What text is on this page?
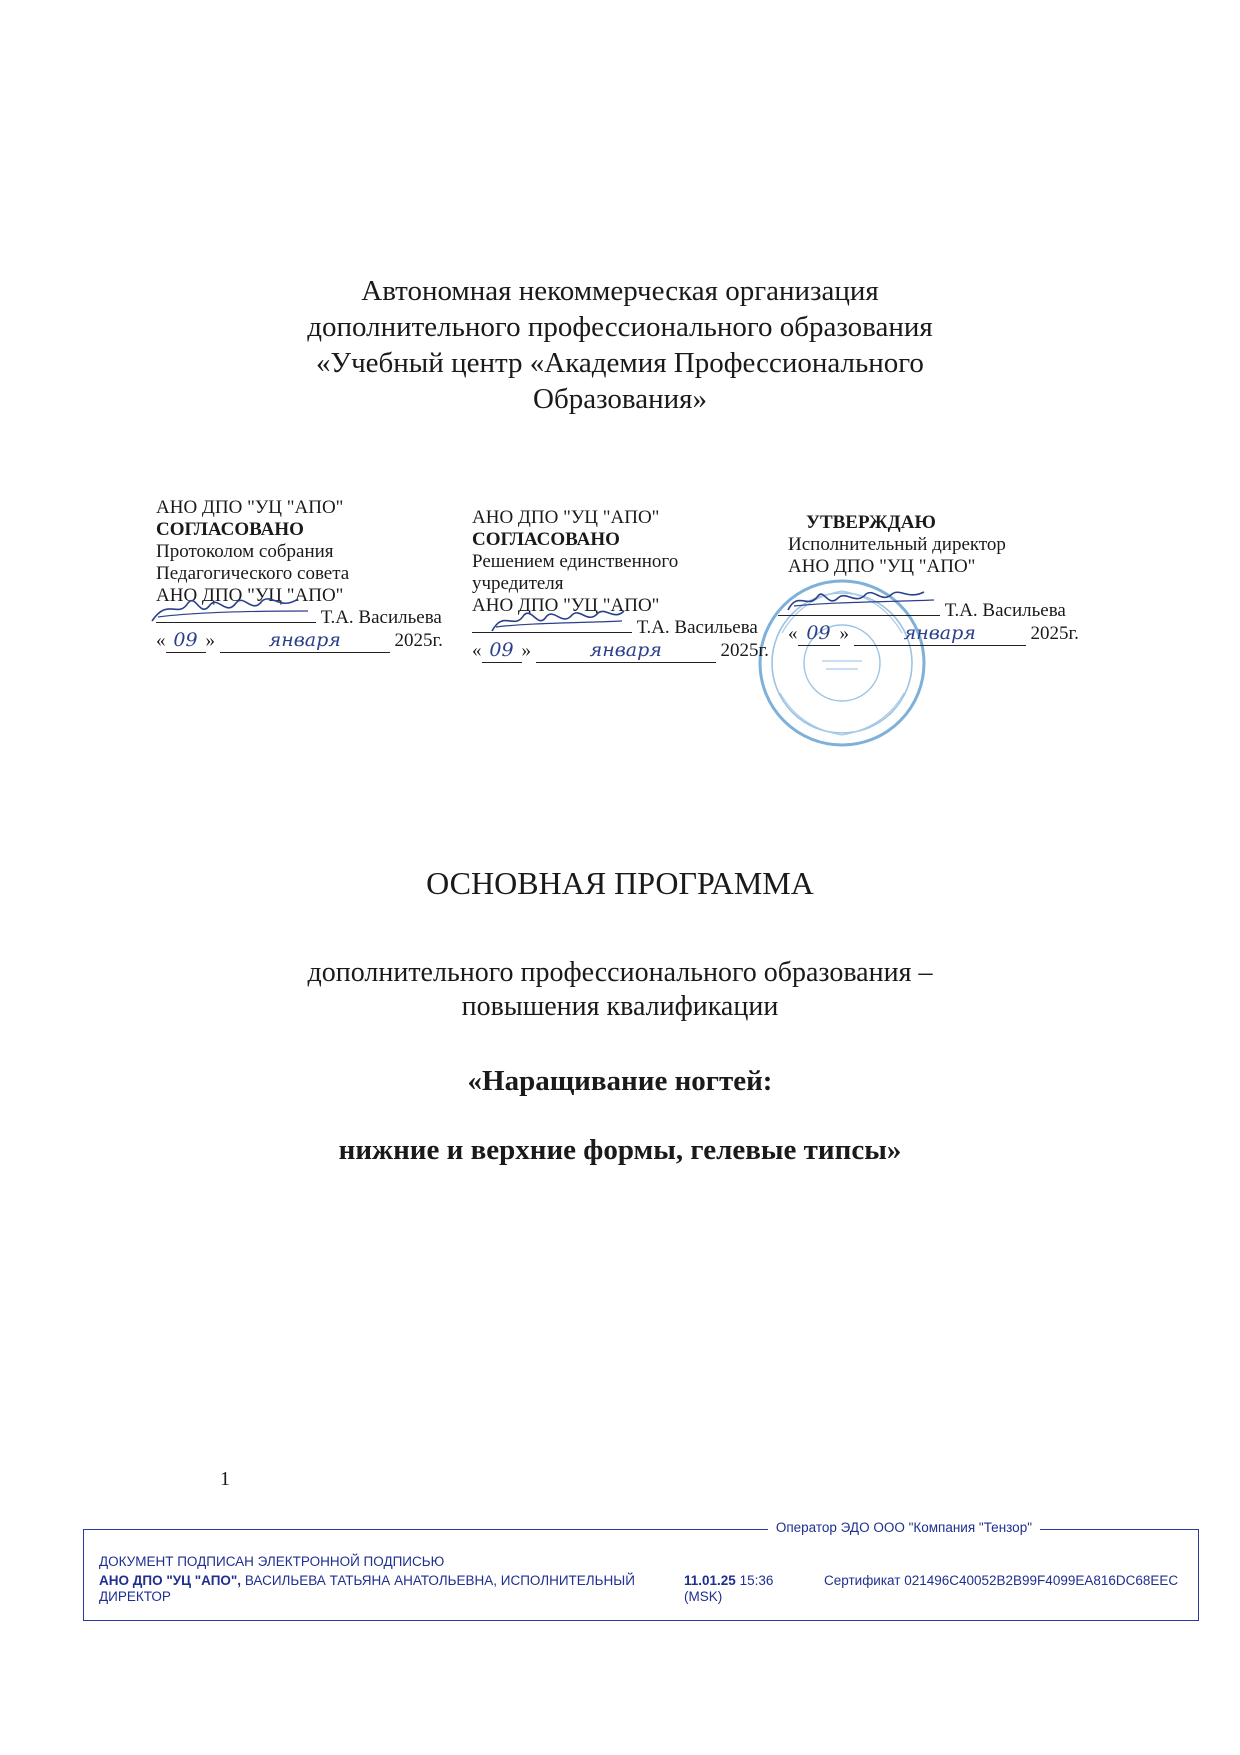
Автономная некоммерческая организация
дополнительного профессионального образования
«Учебный центр «Академия Профессионального
Образования»
АНО ДПО "УЦ "АПО"
СОГЛАСОВАНО
Протоколом собрания
Педагогического совета
АНО ДПО "УЦ "АПО"
Т.А. Васильева
« 09 »	января	2025г.
АНО ДПО "УЦ "АПО"
СОГЛАСОВАНО
Решением единственного
учредителя
АНО ДПО "УЦ "АПО"
Т.А. Васильева
« 09 »	января	2025г.
УТВЕРЖДАЮ
Исполнительный директор
АНО ДПО "УЦ "АПО"
Т.А. Васильева
« 09 »	января	2025г.
ОСНОВНАЯ ПРОГРАММА
дополнительного профессионального образования –
повышения квалификации
«Наращивание ногтей:
нижние и верхние формы, гелевые типсы»
1
ДОКУМЕНТ ПОДПИСАН ЭЛЕКТРОННОЙ ПОДПИСЬЮ
АНО ДПО "УЦ "АПО", ВАСИЛЬЕВА ТАТЬЯНА АНАТОЛЬЕВНА, ИСПОЛНИТЕЛЬНЫЙ ДИРЕКТОР
11.01.25 15:36
(MSK)
Сертификат 021496C40052B2B99F4099EA816DC68EEC
Оператор ЭДО ООО "Компания "Тензор"
